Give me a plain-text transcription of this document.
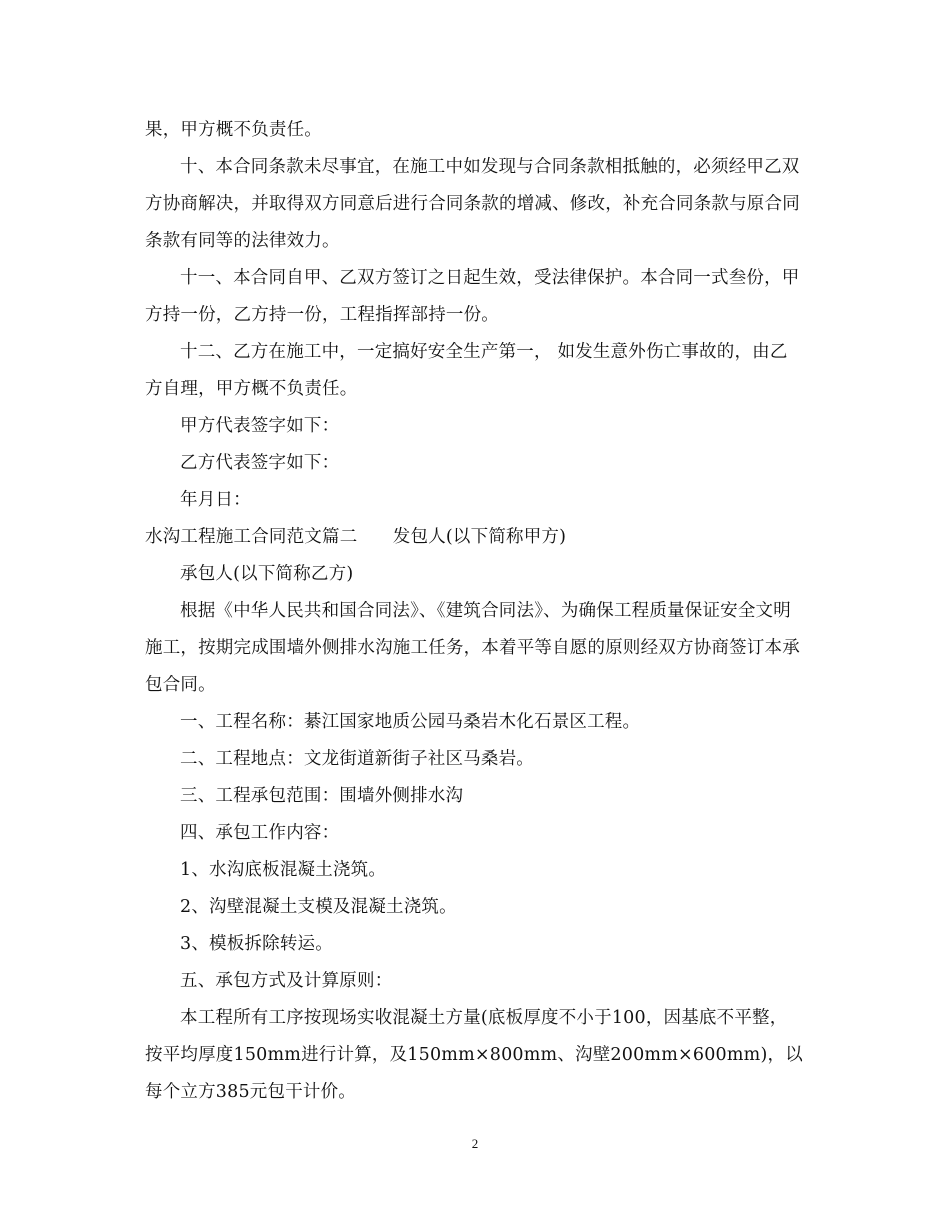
果，甲方概不负责任。

十、本合同条款未尽事宜，在施工中如发现与合同条款相抵触的，必须经甲乙双方协商解决，并取得双方同意后进行合同条款的增减、修改，补充合同条款与原合同条款有同等的法律效力。

十一、本合同自甲、乙双方签订之日起生效，受法律保护。本合同一式叁份，甲方持一份，乙方持一份，工程指挥部持一份。

十二、乙方在施工中，一定搞好安全生产第一， 如发生意外伤亡事故的，由乙方自理，甲方概不负责任。

甲方代表签字如下：

乙方代表签字如下：

年月日：

水沟工程施工合同范文篇二　　发包人(以下简称甲方)

承包人(以下简称乙方)

根据《中华人民共和国合同法》、《建筑合同法》、为确保工程质量保证安全文明施工，按期完成围墙外侧排水沟施工任务，本着平等自愿的原则经双方协商签订本承包合同。

一、工程名称：綦江国家地质公园马桑岩木化石景区工程。

二、工程地点：文龙街道新街子社区马桑岩。

三、工程承包范围：围墙外侧排水沟

四、承包工作内容：

1、水沟底板混凝土浇筑。

2、沟壁混凝土支模及混凝土浇筑。

3、模板拆除转运。

五、承包方式及计算原则：

本工程所有工序按现场实收混凝土方量(底板厚度不小于100，因基底不平整，按平均厚度150mm进行计算，及150mm×800mm、沟壁200mm×600mm)，以每个立方385元包干计价。

2
